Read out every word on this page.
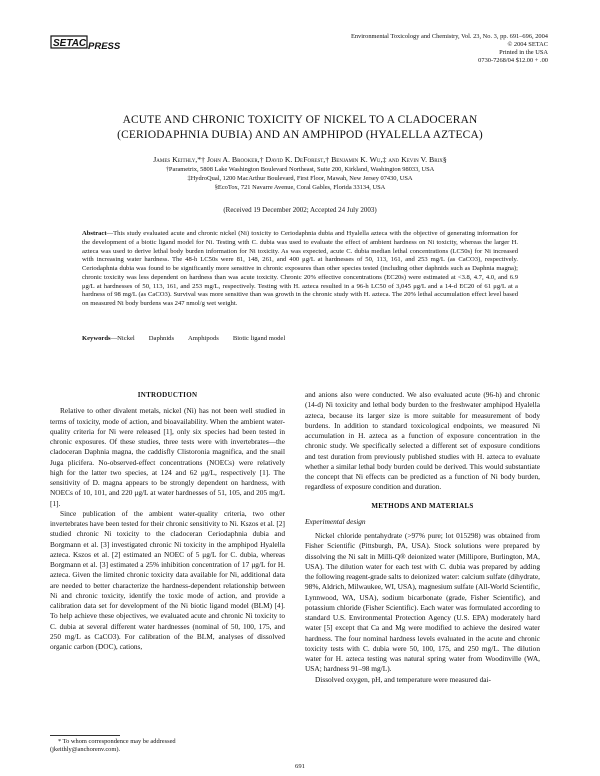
SETAC PRESS
Environmental Toxicology and Chemistry, Vol. 23, No. 3, pp. 691–696, 2004
© 2004 SETAC
Printed in the USA
0730-7268/04 $12.00 + .00
ACUTE AND CHRONIC TOXICITY OF NICKEL TO A CLADOCERAN
(CERIODAPHNIA DUBIA) AND AN AMPHIPOD (HYALELLA AZTECA)
James Keithly,*† John A. Brooker,† David K. DeForest,† Benjamin K. Wu,‡ and Kevin V. Brix§
†Parametrix, 5808 Lake Washington Boulevard Northeast, Suite 200, Kirkland, Washington 98033, USA
‡HydroQual, 1200 MacArthur Boulevard, First Floor, Mawah, New Jersey 07430, USA
§EcoTox, 721 Navarre Avenue, Coral Gables, Florida 33134, USA
(Received 19 December 2002; Accepted 24 July 2003)
Abstract—This study evaluated acute and chronic nickel (Ni) toxicity to Ceriodaphnia dubia and Hyalella azteca with the objective of generating information for the development of a biotic ligand model for Ni. Testing with C. dubia was used to evaluate the effect of ambient hardness on Ni toxicity, whereas the larger H. azteca was used to derive lethal body burden information for Ni toxicity. As was expected, acute C. dubia median lethal concentrations (LC50s) for Ni increased with increasing water hardness. The 48-h LC50s were 81, 148, 261, and 400 μg/L at hardnesses of 50, 113, 161, and 253 mg/L (as CaCO3), respectively. Ceriodaphnia dubia was found to be significantly more sensitive in chronic exposures than other species tested (including other daphnids such as Daphnia magna); chronic toxicity was less dependent on hardness than was acute toxicity. Chronic 20% effective concentrations (EC20s) were estimated at <3.8, 4.7, 4.0, and 6.9 μg/L at hardnesses of 50, 113, 161, and 253 mg/L, respectively. Testing with H. azteca resulted in a 96-h LC50 of 3,045 μg/L and a 14-d EC20 of 61 μg/L at a hardness of 98 mg/L (as CaCO3). Survival was more sensitive than was growth in the chronic study with H. azteca. The 20% lethal accumulation effect level based on measured Ni body burdens was 247 nmol/g wet weight.
Keywords—Nickel Daphnids Amphipods Biotic ligand model
INTRODUCTION

Relative to other divalent metals, nickel (Ni) has not been well studied in terms of toxicity, mode of action, and bioavailability. When the ambient water-quality criteria for Ni were released [1], only six species had been tested in chronic exposures. Of these studies, three tests were with invertebrates—the cladoceran Daphnia magna, the caddisfly Clistoronia magnifica, and the snail Juga plicifera. No-observed-effect concentrations (NOECs) were relatively high for the latter two species, at 124 and 62 μg/L, respectively [1]. The sensitivity of D. magna appears to be strongly dependent on hardness, with NOECs of 10, 101, and 220 μg/L at water hardnesses of 51, 105, and 205 mg/L [1].

Since publication of the ambient water-quality criteria, two other invertebrates have been tested for their chronic sensitivity to Ni. Kszos et al. [2] studied chronic Ni toxicity to the cladoceran Ceriodaphnia dubia and Borgmann et al. [3] investigated chronic Ni toxicity in the amphipod Hyalella azteca. Kszos et al. [2] estimated an NOEC of 5 μg/L for C. dubia, whereas Borgmann et al. [3] estimated a 25% inhibition concentration of 17 μg/L for H. azteca. Given the limited chronic toxicity data available for Ni, additional data are needed to better characterize the hardness-dependent relationship between Ni and chronic toxicity, identify the toxic mode of action, and provide a calibration data set for development of the Ni biotic ligand model (BLM) [4]. To help achieve these objectives, we evaluated acute and chronic Ni toxicity to C. dubia at several different water hardnesses (nominal of 50, 100, 175, and 250 mg/L as CaCO3). For calibration of the BLM, analyses of dissolved organic carbon (DOC), cations,

and anions also were conducted. We also evaluated acute (96-h) and chronic (14-d) Ni toxicity and lethal body burden to the freshwater amphipod Hyalella azteca, because its larger size is more suitable for measurement of body burdens. In addition to standard toxicological endpoints, we measured Ni accumulation in H. azteca as a function of exposure concentration in the chronic study. We specifically selected a different set of exposure conditions and test duration from previously published studies with H. azteca to evaluate whether a similar lethal body burden could be derived. This would substantiate the concept that Ni effects can be predicted as a function of Ni body burden, regardless of exposure condition and duration.

METHODS AND MATERIALS
Experimental design

Nickel chloride pentahydrate (>97% pure; lot 015298) was obtained from Fisher Scientific (Pittsburgh, PA, USA). Stock solutions were prepared by dissolving the Ni salt in Milli-Q® deionized water (Millipore, Burlington, MA, USA). The dilution water for each test with C. dubia was prepared by adding the following reagent-grade salts to deionized water: calcium sulfate (dihydrate, 98%, Aldrich, Milwaukee, WI, USA), magnesium sulfate (All-World Scientific, Lynnwood, WA, USA), sodium bicarbonate (grade, Fisher Scientific), and potassium chloride (Fisher Scientific). Each water was formulated according to standard U.S. Environmental Protection Agency (U.S. EPA) moderately hard water [5] except that Ca and Mg were modified to achieve the desired water hardness. The four nominal hardness levels evaluated in the acute and chronic toxicity tests with C. dubia were 50, 100, 175, and 250 mg/L. The dilution water for H. azteca testing was natural spring water from Woodinville (WA, USA; hardness 91–98 mg/L).

Dissolved oxygen, pH, and temperature were measured dai-

* To whom correspondence may be addressed
(jkeithly@anchorenv.com).
691
